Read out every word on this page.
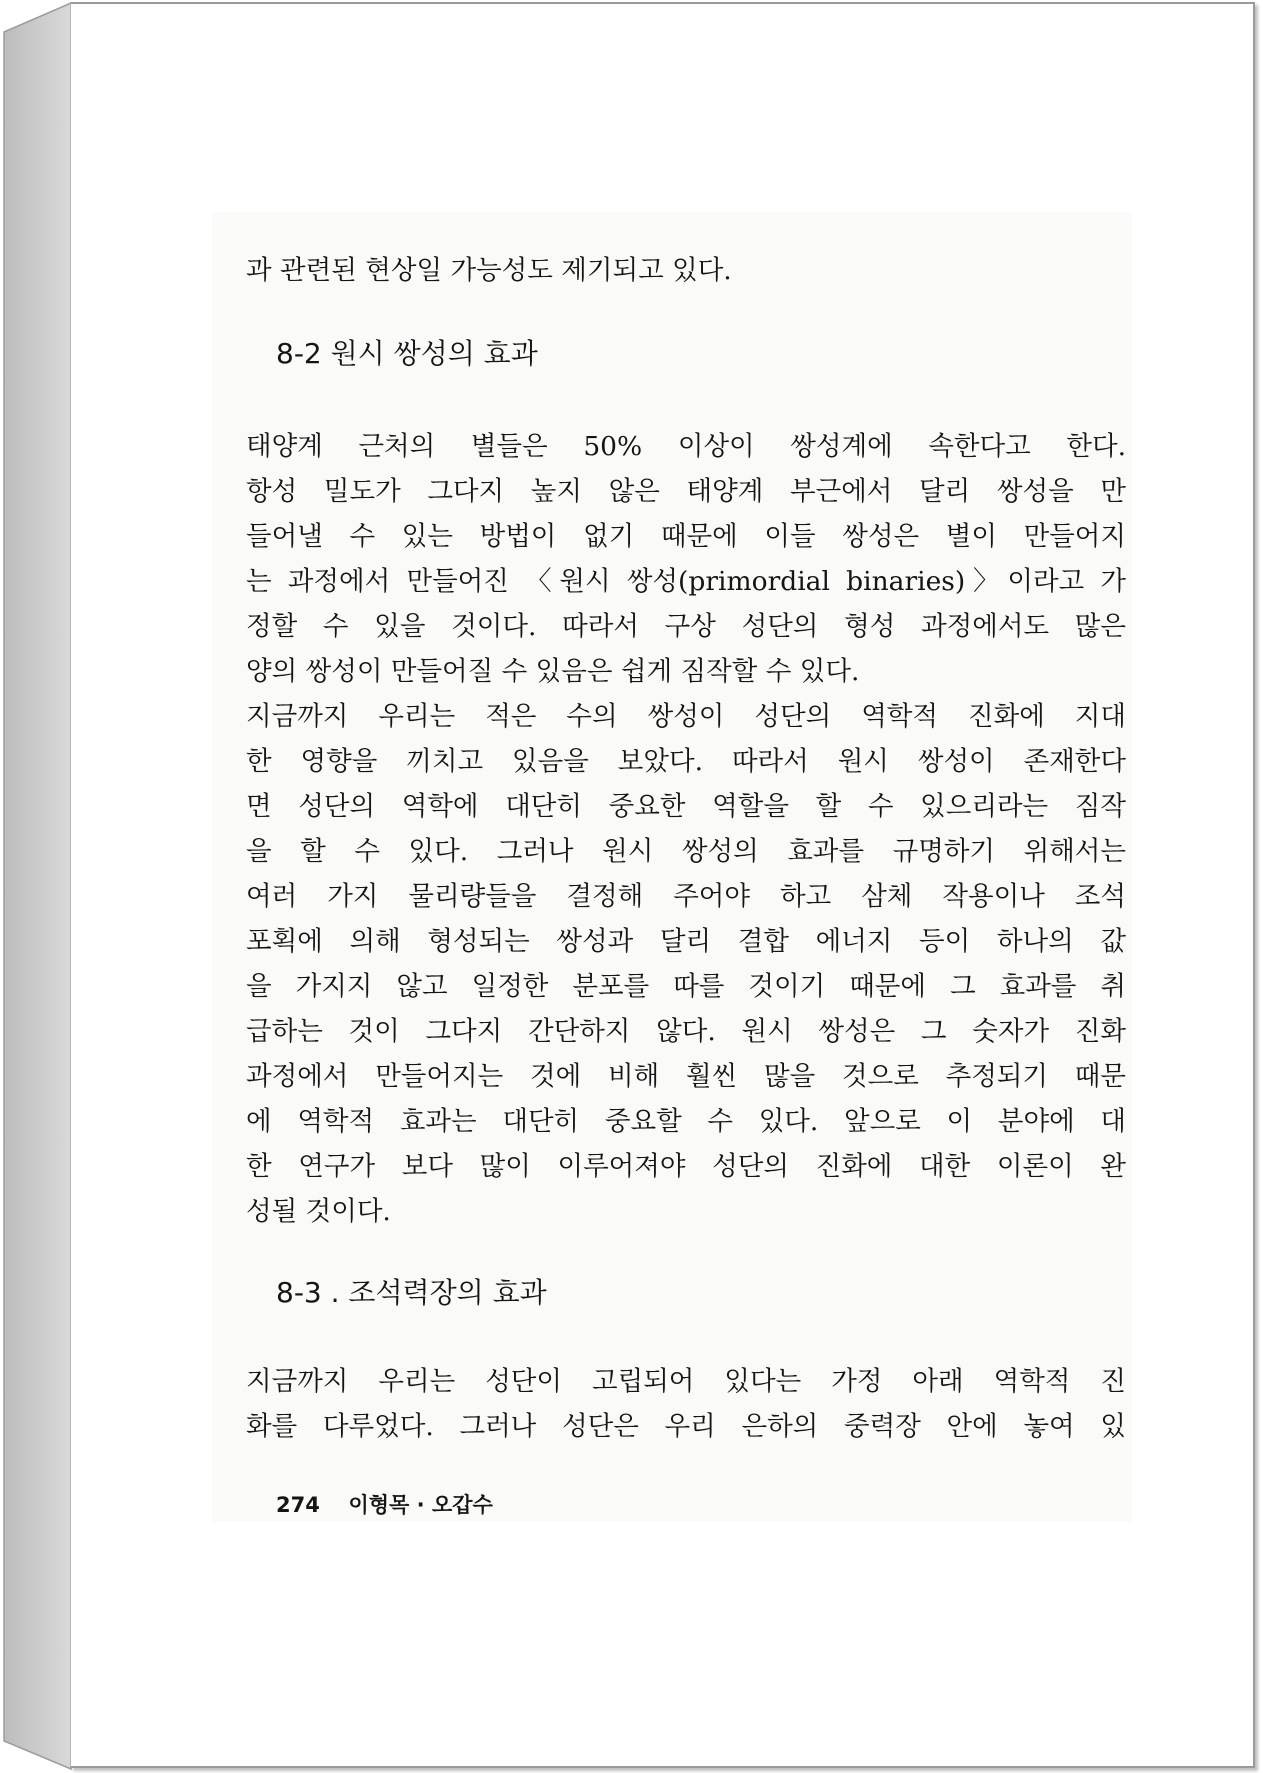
과 관련된 현상일 가능성도 제기되고 있다.
8-2 원시 쌍성의 효과
태양계 근처의 별들은 50% 이상이 쌍성계에 속한다고 한다.
항성 밀도가 그다지 높지 않은 태양계 부근에서 달리 쌍성을 만
들어낼 수 있는 방법이 없기 때문에 이들 쌍성은 별이 만들어지
는 과정에서 만들어진 〈원시 쌍성(primordial binaries)〉이라고 가
정할 수 있을 것이다. 따라서 구상 성단의 형성 과정에서도 많은
양의 쌍성이 만들어질 수 있음은 쉽게 짐작할 수 있다.
지금까지 우리는 적은 수의 쌍성이 성단의 역학적 진화에 지대
한 영향을 끼치고 있음을 보았다. 따라서 원시 쌍성이 존재한다
면 성단의 역학에 대단히 중요한 역할을 할 수 있으리라는 짐작
을 할 수 있다. 그러나 원시 쌍성의 효과를 규명하기 위해서는
여러 가지 물리량들을 결정해 주어야 하고 삼체 작용이나 조석
포획에 의해 형성되는 쌍성과 달리 결합 에너지 등이 하나의 값
을 가지지 않고 일정한 분포를 따를 것이기 때문에 그 효과를 취
급하는 것이 그다지 간단하지 않다. 원시 쌍성은 그 숫자가 진화
과정에서 만들어지는 것에 비해 훨씬 많을 것으로 추정되기 때문
에 역학적 효과는 대단히 중요할 수 있다. 앞으로 이 분야에 대
한 연구가 보다 많이 이루어져야 성단의 진화에 대한 이론이 완
성될 것이다.
8-3 . 조석력장의 효과
지금까지 우리는 성단이 고립되어 있다는 가정 아래 역학적 진
화를 다루었다. 그러나 성단은 우리 은하의 중력장 안에 놓여 있
274 이형목 · 오갑수
